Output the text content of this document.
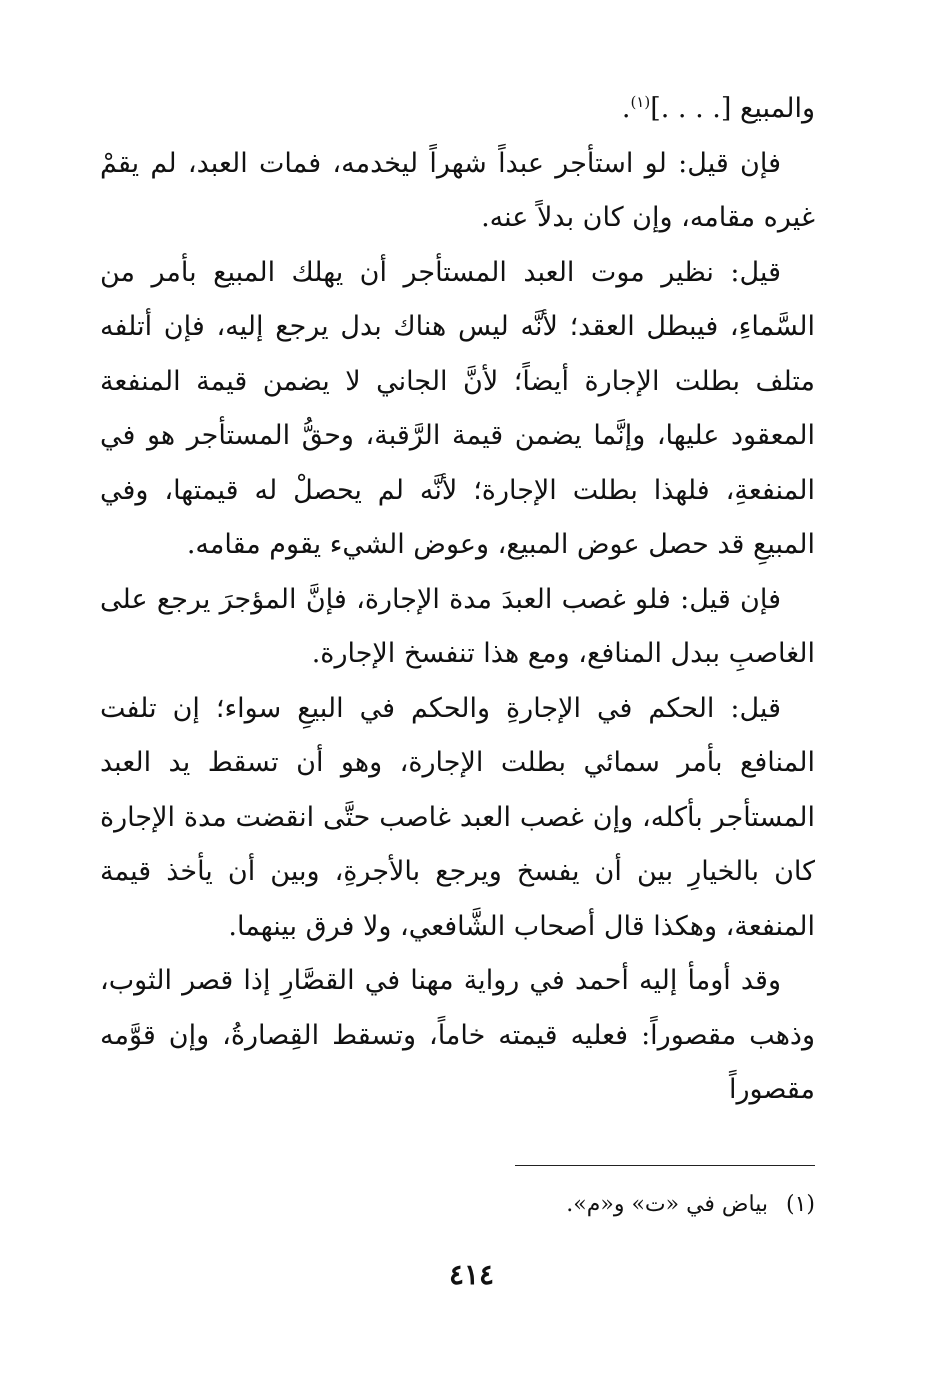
والمبيع [. . . .]$^{(١)}$.

فإن قيل: لو استأجر عبداً شهراً ليخدمه، فمات العبد، لم يقمْ غيره مقامه، وإن كان بدلاً عنه.

قيل: نظير موت العبد المستأجر أن يهلك المبيع بأمر من السَّماءِ، فيبطل العقد؛ لأنَّه ليس هناك بدل يرجع إليه، فإن أتلفه متلف بطلت الإجارة أيضاً؛ لأنَّ الجاني لا يضمن قيمة المنفعة المعقود عليها، وإنَّما يضمن قيمة الرَّقبة، وحقُّ المستأجر هو في المنفعةِ، فلهذا بطلت الإجارة؛ لأنَّه لم يحصلْ له قيمتها، وفي المبيعِ قد حصل عوض المبيع، وعوض الشيء يقوم مقامه.

فإن قيل: فلو غصب العبدَ مدة الإجارة، فإنَّ المؤجرَ يرجع على الغاصبِ ببدل المنافع، ومع هذا تنفسخ الإجارة.

قيل: الحكم في الإجارةِ والحكم في البيعِ سواء؛ إن تلفت المنافع بأمر سمائي بطلت الإجارة، وهو أن تسقط يد العبد المستأجر بأكله، وإن غصب العبد غاصب حتَّى انقضت مدة الإجارة كان بالخيارِ بين أن يفسخ ويرجع بالأجرةِ، وبين أن يأخذ قيمة المنفعة، وهكذا قال أصحاب الشَّافعي، ولا فرق بينهما.

وقد أومأ إليه أحمد في رواية مهنا في القصَّارِ إذا قصر الثوب، وذهب مقصوراً: فعليه قيمته خاماً، وتسقط القِصارةُ، وإن قوَّمه مقصوراً

(١)بياض في «ت» و«م».
٤١٤
